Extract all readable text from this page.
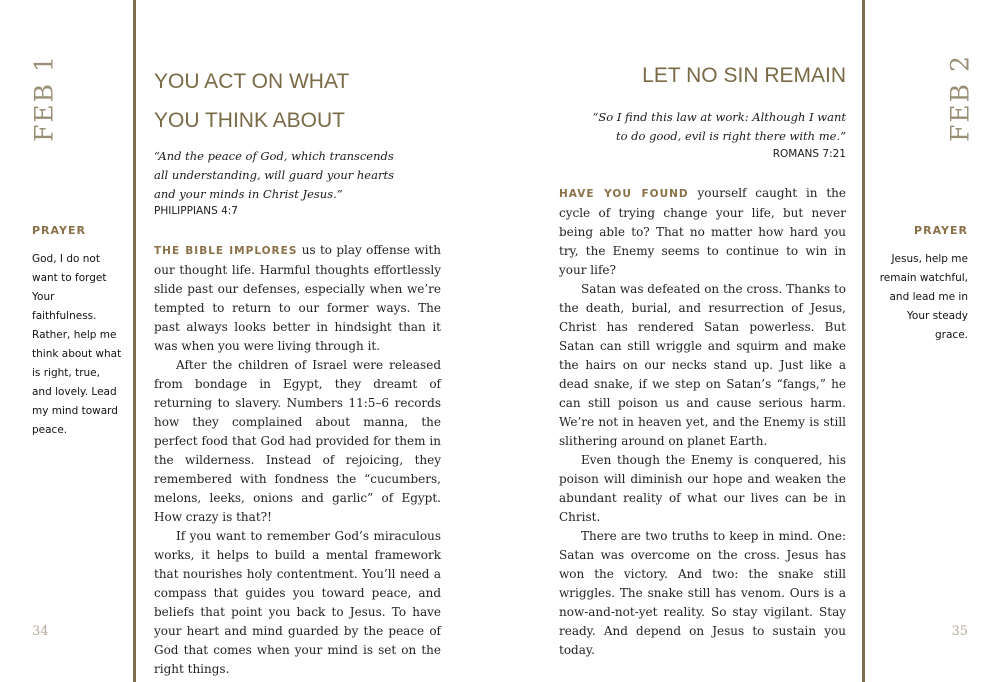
FEB 1
PRAYER
God, I do not want to forget Your faithfulness. Rather, help me think about what is right, true, and lovely. Lead my mind toward peace.
34
YOU ACT ON WHAT
YOU THINK ABOUT
“And the peace of God, which transcends all understanding, will guard your hearts and your minds in Christ Jesus.”
PHILIPPIANS 4:7

THE BIBLE IMPLORES us to play offense with our thought life. Harmful thoughts effortlessly slide past our defenses, especially when we’re tempted to return to our former ways. The past always looks better in hindsight than it was when you were living through it.

After the children of Israel were released from bondage in Egypt, they dreamt of returning to slavery. Numbers 11:5–6 records how they complained about manna, the perfect food that God had provided for them in the wilderness. Instead of rejoicing, they remembered with fondness the “cucumbers, melons, leeks, onions and garlic” of Egypt. How crazy is that?!

If you want to remember God’s miraculous works, it helps to build a mental framework that nourishes holy contentment. You’ll need a compass that guides you toward peace, and beliefs that point you back to Jesus. To have your heart and mind guarded by the peace of God that comes when your mind is set on the right things.

LET NO SIN REMAIN
“So I find this law at work: Although I want to do good, evil is right there with me.”
ROMANS 7:21

HAVE YOU FOUND yourself caught in the cycle of trying change your life, but never being able to? That no matter how hard you try, the Enemy seems to continue to win in your life?

Satan was defeated on the cross. Thanks to the death, burial, and resurrection of Jesus, Christ has rendered Satan powerless. But Satan can still wriggle and squirm and make the hairs on our necks stand up. Just like a dead snake, if we step on Satan’s “fangs,” he can still poison us and cause serious harm. We’re not in heaven yet, and the Enemy is still slithering around on planet Earth.

Even though the Enemy is conquered, his poison will diminish our hope and weaken the abundant reality of what our lives can be in Christ.

There are two truths to keep in mind. One: Satan was overcome on the cross. Jesus has won the victory. And two: the snake still wriggles. The snake still has venom. Ours is a now-and-not-yet reality. So stay vigilant. Stay ready. And depend on Jesus to sustain you today.

FEB 2
PRAYER
Jesus, help me remain watchful, and lead me in Your steady grace.
35
